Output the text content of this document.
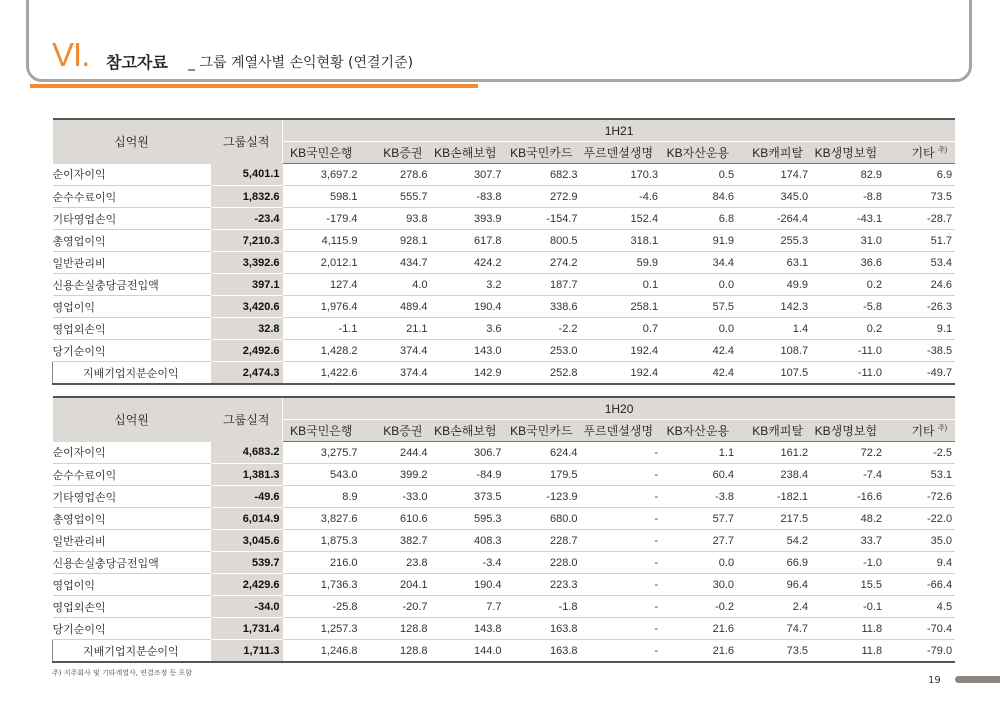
VI. 참고자료 _ 그룹 계열사별 손익현황 (연결기준)
십억원	그룹실적	1H21								
		KB국민은행	KB증권	KB손해보험	KB국민카드	푸르덴셜생명	KB자산운용	KB캐피탈	KB생명보험	기타 $^{주)}$
순이자이익	5,401.1	3,697.2	278.6	307.7	682.3	170.3	0.5	174.7	82.9	6.9
순수수료이익	1,832.6	598.1	555.7	-83.8	272.9	-4.6	84.6	345.0	-8.8	73.5
기타영업손익	-23.4	-179.4	93.8	393.9	-154.7	152.4	6.8	-264.4	-43.1	-28.7
총영업이익	7,210.3	4,115.9	928.1	617.8	800.5	318.1	91.9	255.3	31.0	51.7
일반관리비	3,392.6	2,012.1	434.7	424.2	274.2	59.9	34.4	63.1	36.6	53.4
신용손실충당금전입액	397.1	127.4	4.0	3.2	187.7	0.1	0.0	49.9	0.2	24.6
영업이익	3,420.6	1,976.4	489.4	190.4	338.6	258.1	57.5	142.3	-5.8	-26.3
영업외손익	32.8	-1.1	21.1	3.6	-2.2	0.7	0.0	1.4	0.2	9.1
당기순이익	2,492.6	1,428.2	374.4	143.0	253.0	192.4	42.4	108.7	-11.0	-38.5
지배기업지분순이익	2,474.3	1,422.6	374.4	142.9	252.8	192.4	42.4	107.5	-11.0	-49.7
십억원	그룹실적	1H20								
		KB국민은행	KB증권	KB손해보험	KB국민카드	푸르덴셜생명	KB자산운용	KB캐피탈	KB생명보험	기타 $^{주)}$
순이자이익	4,683.2	3,275.7	244.4	306.7	624.4	-	1.1	161.2	72.2	-2.5
순수수료이익	1,381.3	543.0	399.2	-84.9	179.5	-	60.4	238.4	-7.4	53.1
기타영업손익	-49.6	8.9	-33.0	373.5	-123.9	-	-3.8	-182.1	-16.6	-72.6
총영업이익	6,014.9	3,827.6	610.6	595.3	680.0	-	57.7	217.5	48.2	-22.0
일반관리비	3,045.6	1,875.3	382.7	408.3	228.7	-	27.7	54.2	33.7	35.0
신용손실충당금전입액	539.7	216.0	23.8	-3.4	228.0	-	0.0	66.9	-1.0	9.4
영업이익	2,429.6	1,736.3	204.1	190.4	223.3	-	30.0	96.4	15.5	-66.4
영업외손익	-34.0	-25.8	-20.7	7.7	-1.8	-	-0.2	2.4	-0.1	4.5
당기순이익	1,731.4	1,257.3	128.8	143.8	163.8	-	21.6	74.7	11.8	-70.4
지배기업지분순이익	1,711.3	1,246.8	128.8	144.0	163.8	-	21.6	73.5	11.8	-79.0
주) 지주회사 및 기타계열사, 연결조정 등 포함
19
